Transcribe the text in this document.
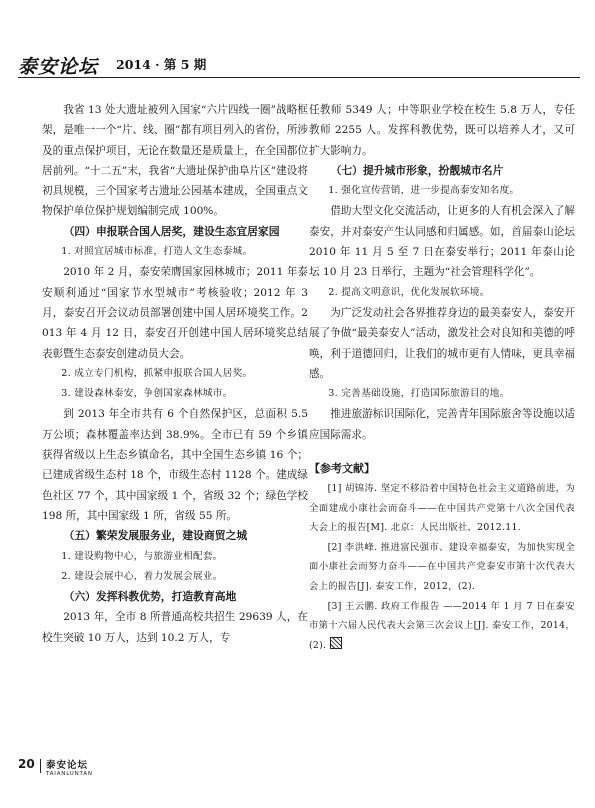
泰安论坛 2014 · 第 5 期

我省 13 处大遗址被列入国家“六片四线一圈”战略框架，是唯一一个“片、线、圈”都有项目列入的省份，所涉及的重点保护项目，无论在数量还是质量上，在全国都位居前列。“十二五”末，我省“大遗址保护曲阜片区”建设将初具规模，三个国家考古遗址公园基本建成，全国重点文物保护单位保护规划编制完成 100%。

（四）申报联合国人居奖，建设生态宜居家园

1. 对照宜居城市标准，打造人文生态泰城。

2010 年 2 月，泰安荣膺国家园林城市；2011 年泰安顺利通过“国家节水型城市”考核验收；2012 年 3 月，泰安召开会议动员部署创建中国人居环境奖工作。2013 年 4 月 12 日，泰安召开创建中国人居环境奖总结表彰暨生态泰安创建动员大会。

2. 成立专门机构，抓紧申报联合国人居奖。

3. 建设森林泰安，争创国家森林城市。

到 2013 年全市共有 6 个自然保护区，总面积 5.5 万公顷；森林覆盖率达到 38.9%。全市已有 59 个乡镇获得省级以上生态乡镇命名，其中全国生态乡镇 16 个；已建成省级生态村 18 个，市级生态村 1128 个。建成绿色社区 77 个，其中国家级 1 个，省级 32 个；绿色学校 198 所，其中国家级 1 所，省级 55 所。

（五）繁荣发展服务业，建设商贸之城

1. 建设购物中心，与旅游业相配套。

2. 建设会展中心，着力发展会展业。

（六）发挥科教优势，打造教育高地

2013 年，全市 8 所普通高校共招生 29639 人，在校生突破 10 万人，达到 10.2 万人，专

任教师 5349 人；中等职业学校在校生 5.8 万人，专任教师 2255 人。发挥科教优势，既可以培养人才，又可扩大影响力。

（七）提升城市形象，扮靓城市名片

1. 强化宣传营销，进一步提高泰安知名度。

借助大型文化交流活动，让更多的人有机会深入了解泰安，并对泰安产生认同感和归属感。如，首届泰山论坛 2010 年 11 月 5 至 7 日在泰安举行；2011 年泰山论坛 10 月 23 日举行，主题为“社会管理科学化”。

2. 提高文明意识，优化发展软环境。

为广泛发动社会各界推荐身边的最美泰安人，泰安开展了争做“最美泰安人”活动，激发社会对良知和美德的呼唤，利于道德回归，让我们的城市更有人情味，更具幸福感。

3. 完善基础设施，打造国际旅游目的地。

推进旅游标识国际化，完善青年国际旅舍等设施以适应国际需求。

【参考文献】

[1] 胡锦涛. 坚定不移沿着中国特色社会主义道路前进，为全面建成小康社会而奋斗——在中国共产党第十八次全国代表大会上的报告[M]. 北京：人民出版社，2012.11.

[2] 李洪峰. 推进富民强市、建设幸福泰安，为加快实现全面小康社会而努力奋斗——在中国共产党泰安市第十次代表大会上的报告[J]. 泰安工作，2012，(2).

[3] 王云鹏. 政府工作报告 ——2014 年 1 月 7 日在泰安市第十六届人民代表大会第三次会议上[J]. 泰安工作，2014，(2).

20 泰安论坛
TAIANLUNTAN
